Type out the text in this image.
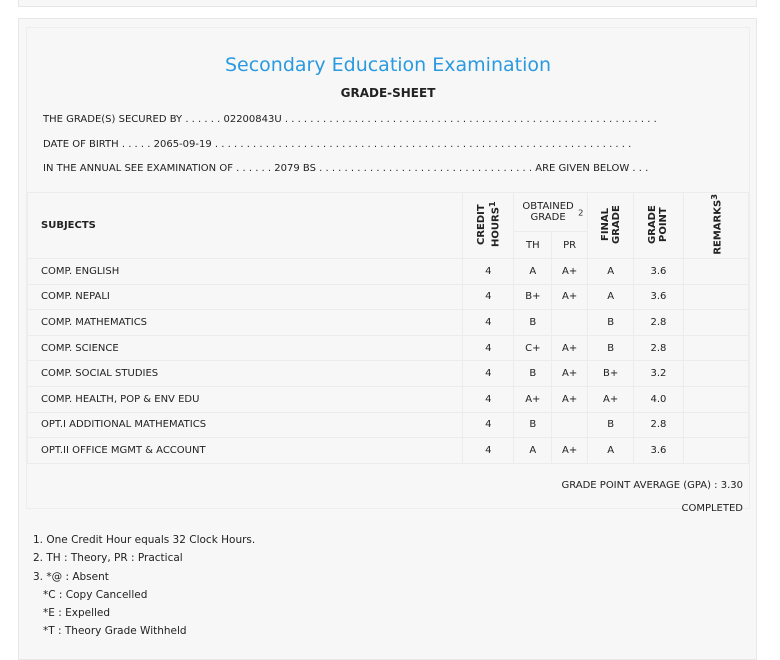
Secondary Education Examination
GRADE-SHEET
THE GRADE(S) SECURED BY . . . . . . 02200843U . . . . . . . . . . . . . . . . . . . . . . . . . . . . . . . . . . . . . . . . . . . . . . . . . . . . . . . . . . .
DATE OF BIRTH . . . . . 2065-09-19 . . . . . . . . . . . . . . . . . . . . . . . . . . . . . . . . . . . . . . . . . . . . . . . . . . . . . . . . . . . . . . . . . .
IN THE ANNUAL SEE EXAMINATION OF . . . . . . 2079 BS . . . . . . . . . . . . . . . . . . . . . . . . . . . . . . . . . . ARE GIVEN BELOW . . .
SUBJECTS	CREDIT HOURS$^1$	OBTAINED GRADE $^2$		FINAL GRADE	GRADE POINT	REMARKS$^3$
		TH	PR			
COMP. ENGLISH	4	A	A+	A	3.6	
COMP. NEPALI	4	B+	A+	A	3.6	
COMP. MATHEMATICS	4	B		B	2.8	
COMP. SCIENCE	4	C+	A+	B	2.8	
COMP. SOCIAL STUDIES	4	B	A+	B+	3.2	
COMP. HEALTH, POP & ENV EDU	4	A+	A+	A+	4.0	
OPT.I ADDITIONAL MATHEMATICS	4	B		B	2.8	
OPT.II OFFICE MGMT & ACCOUNT	4	A	A+	A	3.6	
GRADE POINT AVERAGE (GPA) : 3.30
COMPLETED
1. One Credit Hour equals 32 Clock Hours.
2. TH : Theory, PR : Practical
3. *@ : Absent
*C : Copy Cancelled
*E : Expelled
*T : Theory Grade Withheld
